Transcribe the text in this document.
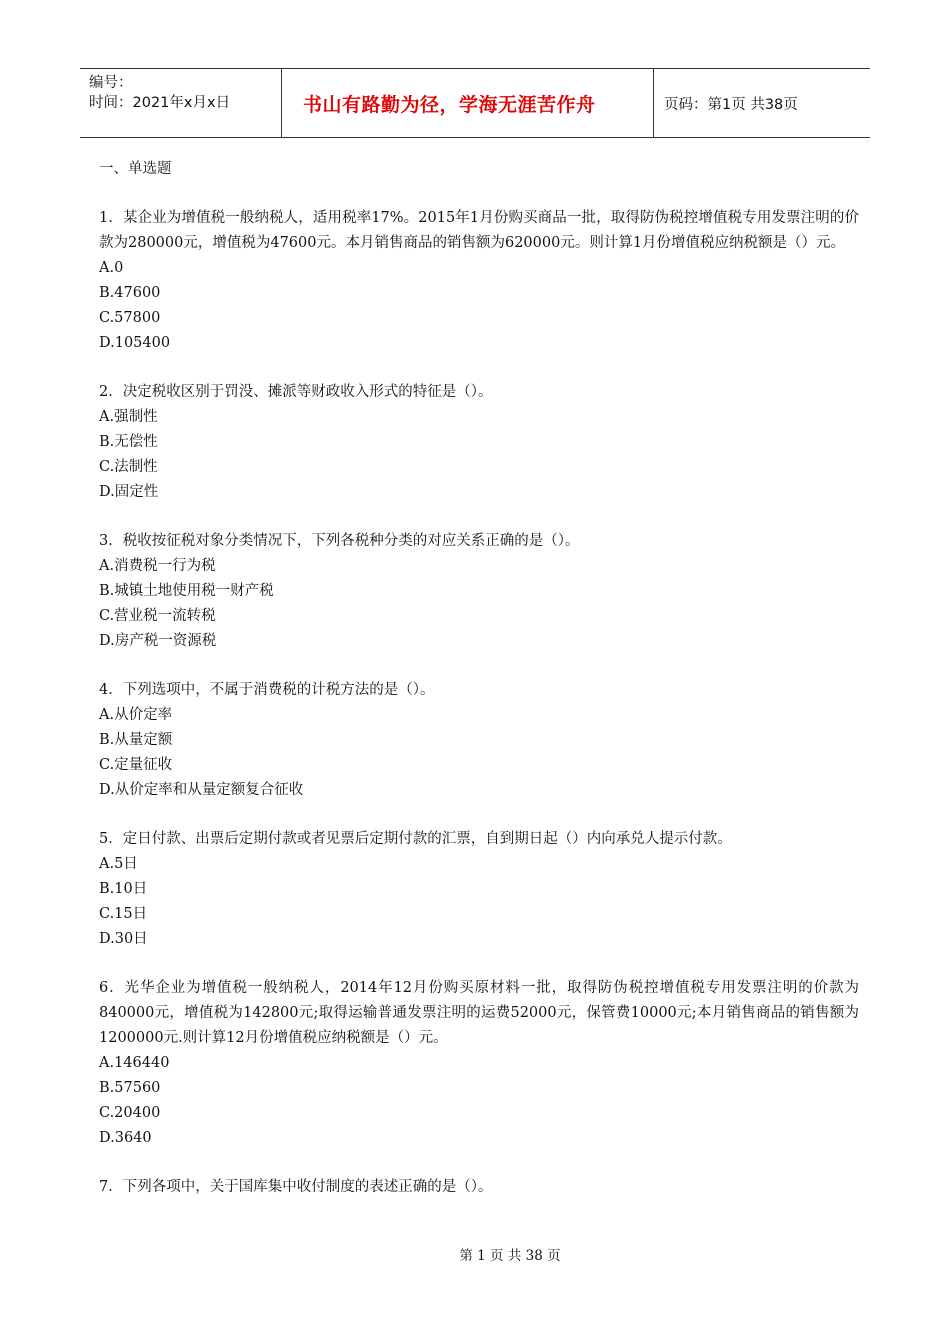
编号：
时间：2021年x月x日	书山有路勤为径，学海无涯苦作舟	页码：第1页 共38页
一、单选题
1．某企业为增值税一般纳税人，适用税率17%。2015年1月份购买商品一批，取得防伪税控增值税专用发票注明的价款为280000元，增值税为47600元。本月销售商品的销售额为620000元。则计算1月份增值税应纳税额是（）元。
A.0
B.47600
C.57800
D.105400
2．决定税收区别于罚没、摊派等财政收入形式的特征是（）。
A.强制性
B.无偿性
C.法制性
D.固定性
3．税收按征税对象分类情况下，下列各税种分类的对应关系正确的是（）。
A.消费税一行为税
B.城镇土地使用税一财产税
C.营业税一流转税
D.房产税一资源税
4．下列选项中，不属于消费税的计税方法的是（）。
A.从价定率
B.从量定额
C.定量征收
D.从价定率和从量定额复合征收
5．定日付款、出票后定期付款或者见票后定期付款的汇票，自到期日起（）内向承兑人提示付款。
A.5日
B.10日
C.15日
D.30日
6．光华企业为增值税一般纳税人，2014年12月份购买原材料一批，取得防伪税控增值税专用发票注明的价款为840000元，增值税为142800元;取得运输普通发票注明的运费52000元，保管费10000元;本月销售商品的销售额为1200000元.则计算12月份增值税应纳税额是（）元。
A.146440
B.57560
C.20400
D.3640
7．下列各项中，关于国库集中收付制度的表述正确的是（）。
第 1 页 共 38 页
